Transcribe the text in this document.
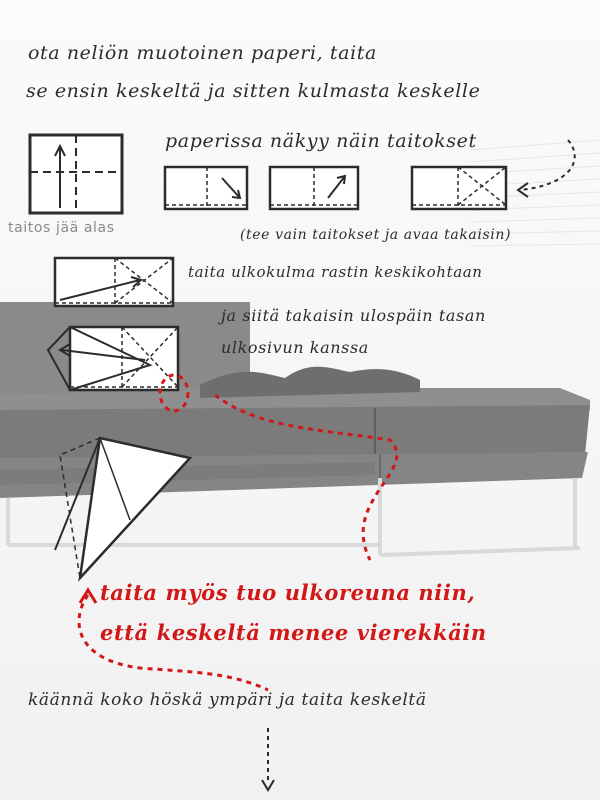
ota neliön muotoinen paperi, taita
se ensin keskeltä ja sitten kulmasta keskelle
paperissa näkyy näin taitokset
taitos jää alas	(tee vain taitokset ja avaa takaisin)
taita ulkokulma rastin keskikohtaan
ja siitä takaisin ulospäin tasan
ulkosivun kanssa
taita myös tuo ulkoreuna niin,
että keskeltä menee vierekkäin
käännä koko höskä ympäri ja taita keskeltä
